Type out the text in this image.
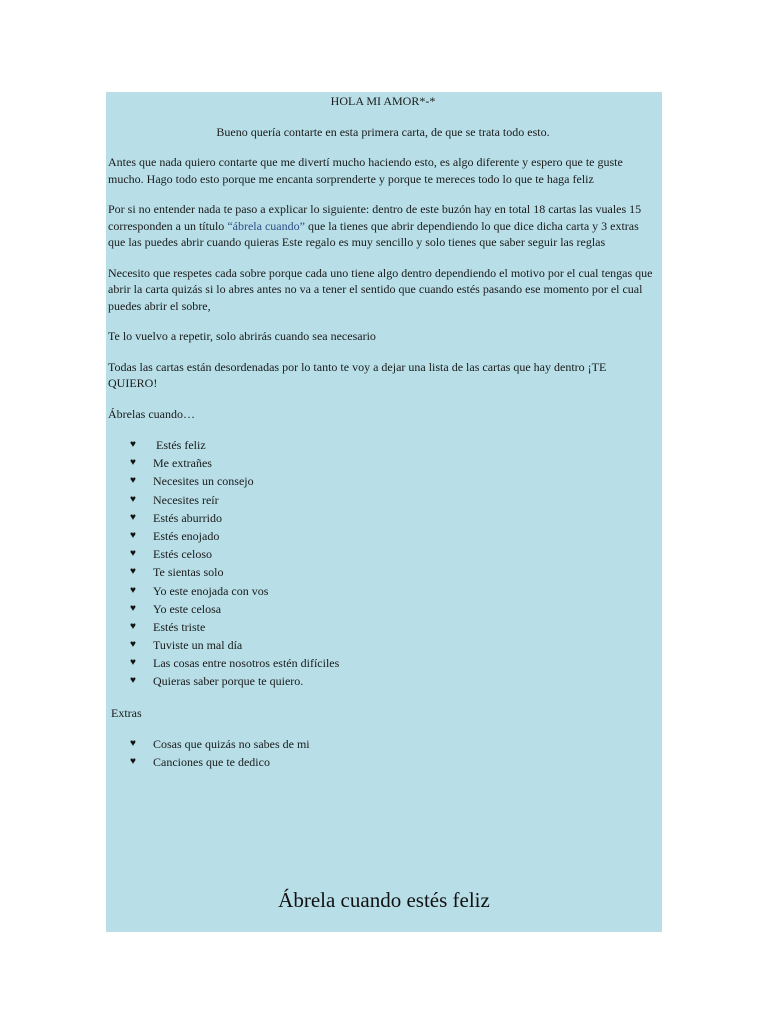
HOLA MI AMOR*-*
Bueno quería contarte en esta primera carta, de que se trata todo esto.
Antes que nada quiero contarte que me divertí mucho haciendo esto, es algo diferente y espero que te guste mucho. Hago todo esto porque me encanta sorprenderte y porque te mereces todo lo que te haga feliz
Por si no entender nada te paso a explicar lo siguiente: dentro de este buzón hay en total 18 cartas las vuales 15 corresponden a un título “ábrela cuando” que la tienes que abrir dependiendo lo que dice dicha carta y 3 extras que las puedes abrir cuando quieras Este regalo es muy sencillo y solo tienes que saber seguir las reglas
Necesito que respetes cada sobre porque cada uno tiene algo dentro dependiendo el motivo por el cual tengas que abrir la carta quizás si lo abres antes no va a tener el sentido que cuando estés pasando ese momento por el cual puedes abrir el sobre,
Te lo vuelvo a repetir, solo abrirás cuando sea necesario
Todas las cartas están desordenadas por lo tanto te voy a dejar una lista de las cartas que hay dentro ¡TE QUIERO!
Ábrelas cuando…
♥ Estés feliz
♥ Me extrañes
♥ Necesites un consejo
♥ Necesites reír
♥ Estés aburrido
♥ Estés enojado
♥ Estés celoso
♥ Te sientas solo
♥ Yo este enojada con vos
♥ Yo este celosa
♥ Estés triste
♥ Tuviste un mal día
♥ Las cosas entre nosotros estén difíciles
♥ Quieras saber porque te quiero.
Extras
♥ Cosas que quizás no sabes de mi
♥ Canciones que te dedico
Ábrela cuando estés feliz
